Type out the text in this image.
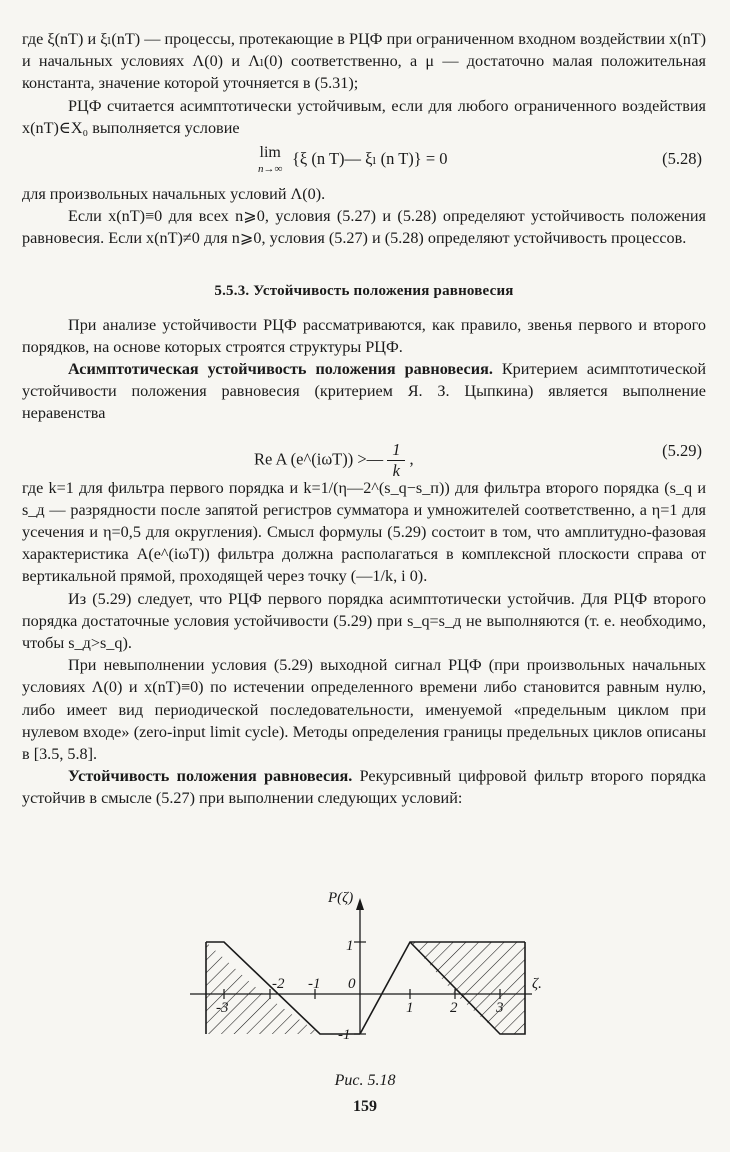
где ξ(nT) и ξₗ(nT) — процессы, протекающие в РЦФ при ограниченном входном воздействии x(nT) и начальных условиях Λ(0) и Λₗ(0) соответственно, а μ — достаточно малая положительная константа, значение которой уточняется в (5.31);

РЦФ считается асимптотически устойчивым, если для любого ограниченного воздействия x(nT)∈X₀ выполняется условие

lim
n→∞
{ξ (n T)— ξₗ (n T)} = 0	(5.28)

для произвольных начальных условий Λ(0).

Если x(nT)≡0 для всех n⩾0, условия (5.27) и (5.28) определяют устойчивость положения равновесия. Если x(nT)≠0 для n⩾0, условия (5.27) и (5.28) определяют устойчивость процессов.

5.5.3. Устойчивость положения равновесия

При анализе устойчивости РЦФ рассматриваются, как правило, звенья первого и второго порядков, на основе которых строятся структуры РЦФ.

Асимптотическая устойчивость положения равновесия. Критерием асимптотической устойчивости положения равновесия (критерием Я. З. Цыпкина) является выполнение неравенства

Re A (e^(iωT)) >— $\frac{1}{k}$ ,	(5.29)

где k=1 для фильтра первого порядка и k=1/(η—2^(s_q−s_п)) для фильтра второго порядка (s_q и s_д — разрядности после запятой регистров сумматора и умножителей соответственно, а η=1 для усечения и η=0,5 для округления). Смысл формулы (5.29) состоит в том, что амплитудно-фазовая характеристика A(e^(iωT)) фильтра должна располагаться в комплексной плоскости справа от вертикальной прямой, проходящей через точку (—1/k, i 0).

Из (5.29) следует, что РЦФ первого порядка асимптотически устойчив. Для РЦФ второго порядка достаточные условия устойчивости (5.29) при s_q=s_д не выполняются (т. е. необходимо, чтобы s_д>s_q).

При невыполнении условия (5.29) выходной сигнал РЦФ (при произвольных начальных условиях Λ(0) и x(nT)≡0) по истечении определенного времени либо становится равным нулю, либо имеет вид периодической последовательности, именуемой «предельным циклом при нулевом входе» (zero-input limit cycle). Методы определения границы предельных циклов описаны в [3.5, 5.8].

Устойчивость положения равновесия. Рекурсивный цифровой фильтр второго порядка устойчив в смысле (5.27) при выполнении следующих условий:

P(ζ)
ζ.
1
-1
-3
-2 -1 0
1 2	3
Рис. 5.18
159
